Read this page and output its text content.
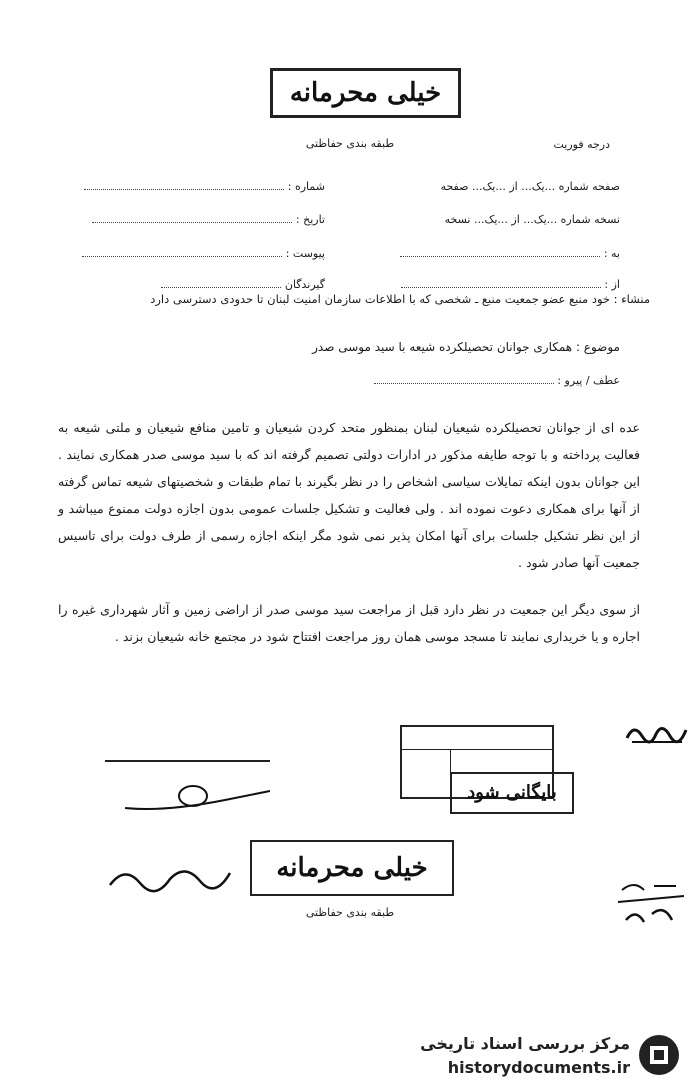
خیلی محرمانه
طبقه بندی حفاظتی	درجه فوریت
شماره :
تاریخ :
پیوست :
گیرندگان
صفحه شماره ...یک... از ...یک... صفحه
نسخه شماره ...یک... از ...یک... نسخه
به :
از :
منشاء : خود منبع عضو جمعیت منبع ـ شخصی که با اطلاعات سازمان امنیت لبنان تا حدودی دسترسی دارد
موضوع : همکاری جوانان تحصیلکرده شیعه با سید موسی صدر
عطف / پیرو :
عده ای از جوانان تحصیلکرده شیعیان لبنان بمنظور متحد کردن شیعیان و تامین منافع شیعیان و ملتی شیعه به فعالیت پرداخته و با توجه طایفه مذکور در ادارات دولتی تصمیم گرفته اند که با سید موسی صدر همکاری نمایند . این جوانان بدون اینکه تمایلات سیاسی اشخاص را در نظر بگیرند با تمام طبقات و شخصیتهای شیعه تماس گرفته از آنها برای همکاری دعوت نموده اند . ولی فعالیت و تشکیل جلسات عمومی بدون اجازه دولت ممنوع میباشد و از این نظر تشکیل جلسات برای آنها امکان پذیر نمی شود مگر اینکه اجازه رسمی از طرف دولت برای تاسیس جمعیت آنها صادر شود .
از سوی دیگر این جمعیت در نظر دارد قبل از مراجعت سید موسی صدر از اراضی زمین و آثار شهرداری غیره را اجاره و یا خریداری نمایند تا مسجد موسی همان روز مراجعت افتتاح شود در مجتمع خانه شیعیان بزند .
بایگانی شود
خیلی محرمانه
طبقه بندی حفاظتی
مرکز بررسی اسناد تاریخی
historydocuments.ir
